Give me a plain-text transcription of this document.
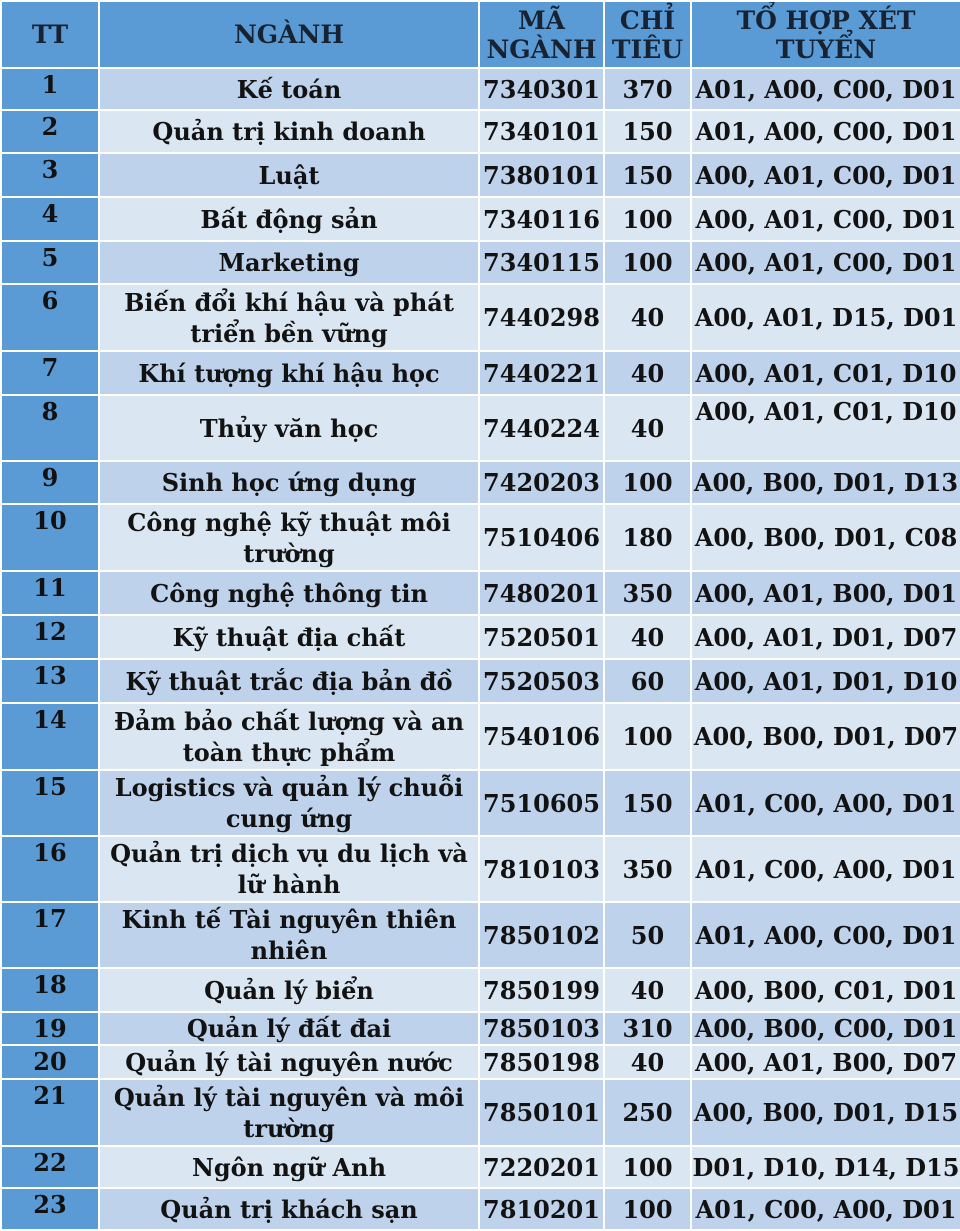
TT	NGÀNH	MÃ NGÀNH	CHỈ TIÊU	TỔ HỢP XÉT TUYỂN
1	Kế toán	7340301	370	A01, A00, C00, D01
2	Quản trị kinh doanh	7340101	150	A01, A00, C00, D01
3	Luật	7380101	150	A00, A01, C00, D01
4	Bất động sản	7340116	100	A00, A01, C00, D01
5	Marketing	7340115	100	A00, A01, C00, D01
6	Biến đổi khí hậu và phát triển bền vững	7440298	40	A00, A01, D15, D01
7	Khí tượng khí hậu học	7440221	40	A00, A01, C01, D10
8	Thủy văn học	7440224	40	A00, A01, C01, D10
9	Sinh học ứng dụng	7420203	100	A00, B00, D01, D13
10	Công nghệ kỹ thuật môi trường	7510406	180	A00, B00, D01, C08
11	Công nghệ thông tin	7480201	350	A00, A01, B00, D01
12	Kỹ thuật địa chất	7520501	40	A00, A01, D01, D07
13	Kỹ thuật trắc địa bản đồ	7520503	60	A00, A01, D01, D10
14	Đảm bảo chất lượng và an toàn thực phẩm	7540106	100	A00, B00, D01, D07
15	Logistics và quản lý chuỗi cung ứng	7510605	150	A01, C00, A00, D01
16	Quản trị dịch vụ du lịch và lữ hành	7810103	350	A01, C00, A00, D01
17	Kinh tế Tài nguyên thiên nhiên	7850102	50	A01, A00, C00, D01
18	Quản lý biển	7850199	40	A00, B00, C01, D01
19	Quản lý đất đai	7850103	310	A00, B00, C00, D01
20	Quản lý tài nguyên nước	7850198	40	A00, A01, B00, D07
21	Quản lý tài nguyên và môi trường	7850101	250	A00, B00, D01, D15
22	Ngôn ngữ Anh	7220201	100	D01, D10, D14, D15
23	Quản trị khách sạn	7810201	100	A01, C00, A00, D01
